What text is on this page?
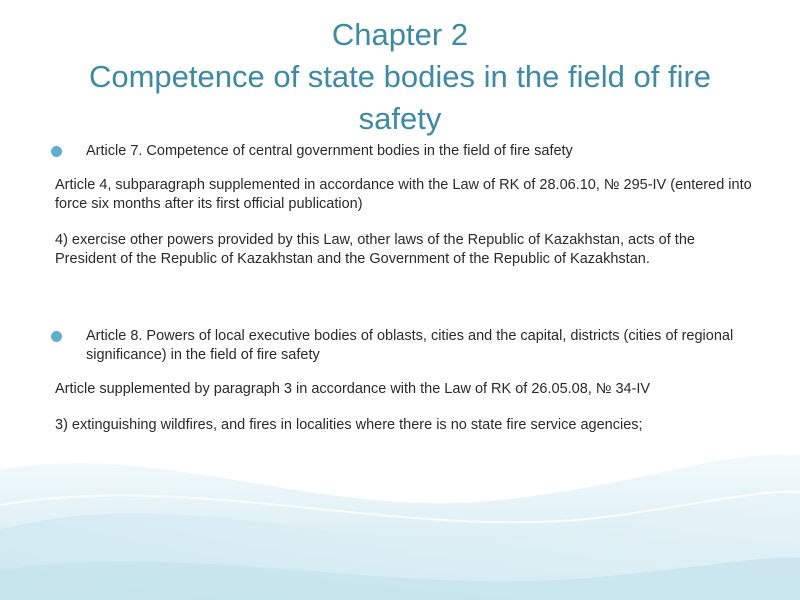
Chapter 2
Competence of state bodies in the field of fire
safety

Article 7. Competence of central government bodies in the field of fire safety

Article 4, subparagraph supplemented in accordance with the Law of RK of 28.06.10, № 295-IV (entered into force six months after its first official publication)

4) exercise other powers provided by this Law, other laws of the Republic of Kazakhstan, acts of the President of the Republic of Kazakhstan and the Government of the Republic of Kazakhstan.

Article 8. Powers of local executive bodies of oblasts, cities and the capital, districts (cities of regional significance) in the field of fire safety

Article supplemented by paragraph 3 in accordance with the Law of RK of 26.05.08, № 34-IV

3) extinguishing wildfires, and fires in localities where there is no state fire service agencies;
